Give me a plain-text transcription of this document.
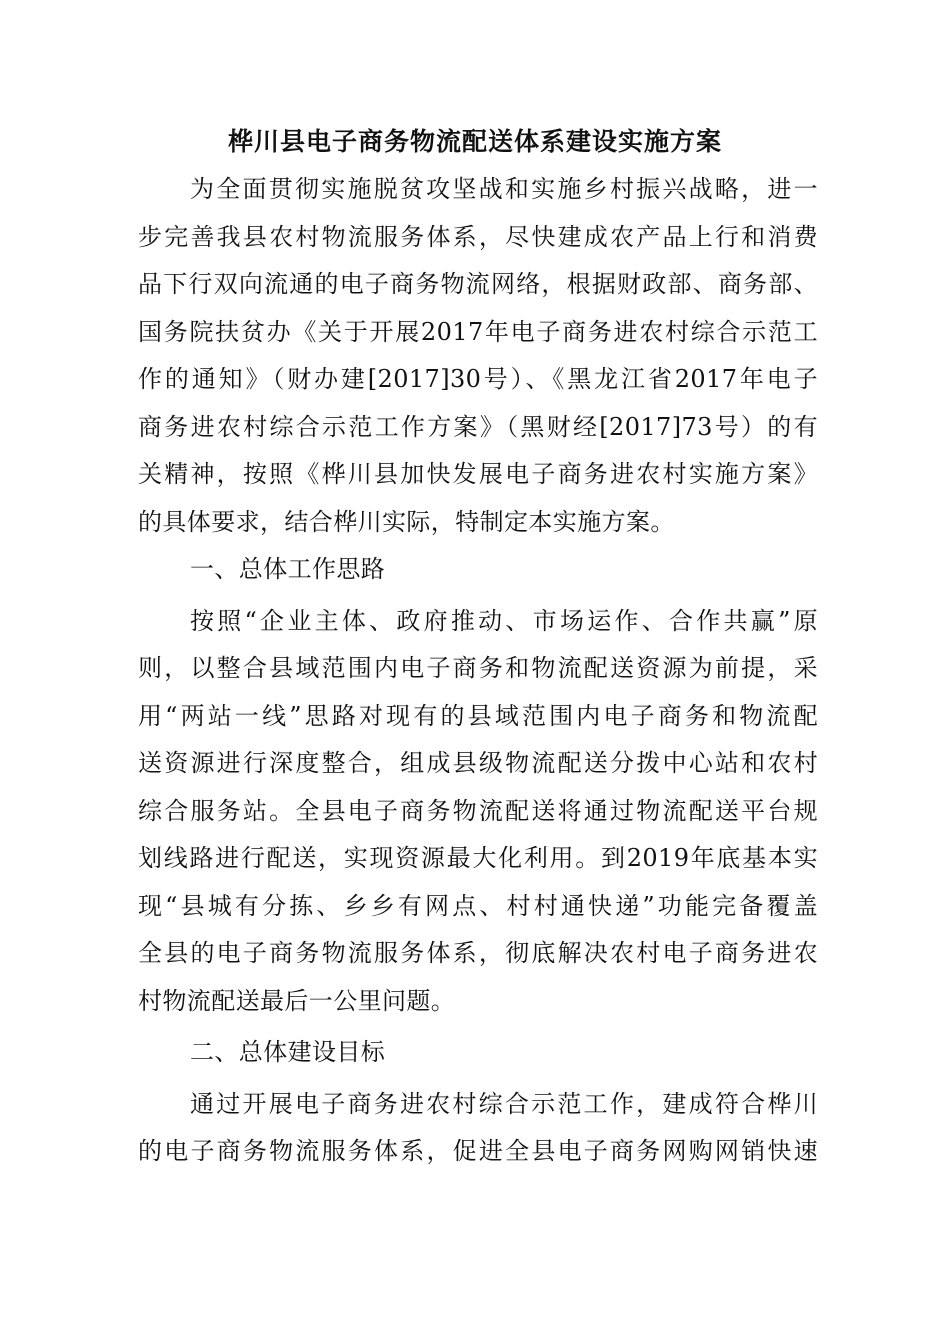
桦川县电子商务物流配送体系建设实施方案
为全面贯彻实施脱贫攻坚战和实施乡村振兴战略，进一
步完善我县农村物流服务体系，尽快建成农产品上行和消费
品下行双向流通的电子商务物流网络，根据财政部、商务部、
国务院扶贫办《关于开展2017年电子商务进农村综合示范工
作的通知》（财办建[2017]30号）、《黑龙江省2017年电子
商务进农村综合示范工作方案》（黑财经[2017]73号）的有
关精神，按照《桦川县加快发展电子商务进农村实施方案》
的具体要求，结合桦川实际，特制定本实施方案。
一、总体工作思路
按照“企业主体、政府推动、市场运作、合作共赢”原
则，以整合县域范围内电子商务和物流配送资源为前提，采
用“两站一线”思路对现有的县域范围内电子商务和物流配
送资源进行深度整合，组成县级物流配送分拨中心站和农村
综合服务站。全县电子商务物流配送将通过物流配送平台规
划线路进行配送，实现资源最大化利用。到2019年底基本实
现“县城有分拣、乡乡有网点、村村通快递”功能完备覆盖
全县的电子商务物流服务体系，彻底解决农村电子商务进农
村物流配送最后一公里问题。
二、总体建设目标
通过开展电子商务进农村综合示范工作，建成符合桦川
的电子商务物流服务体系，促进全县电子商务网购网销快速
